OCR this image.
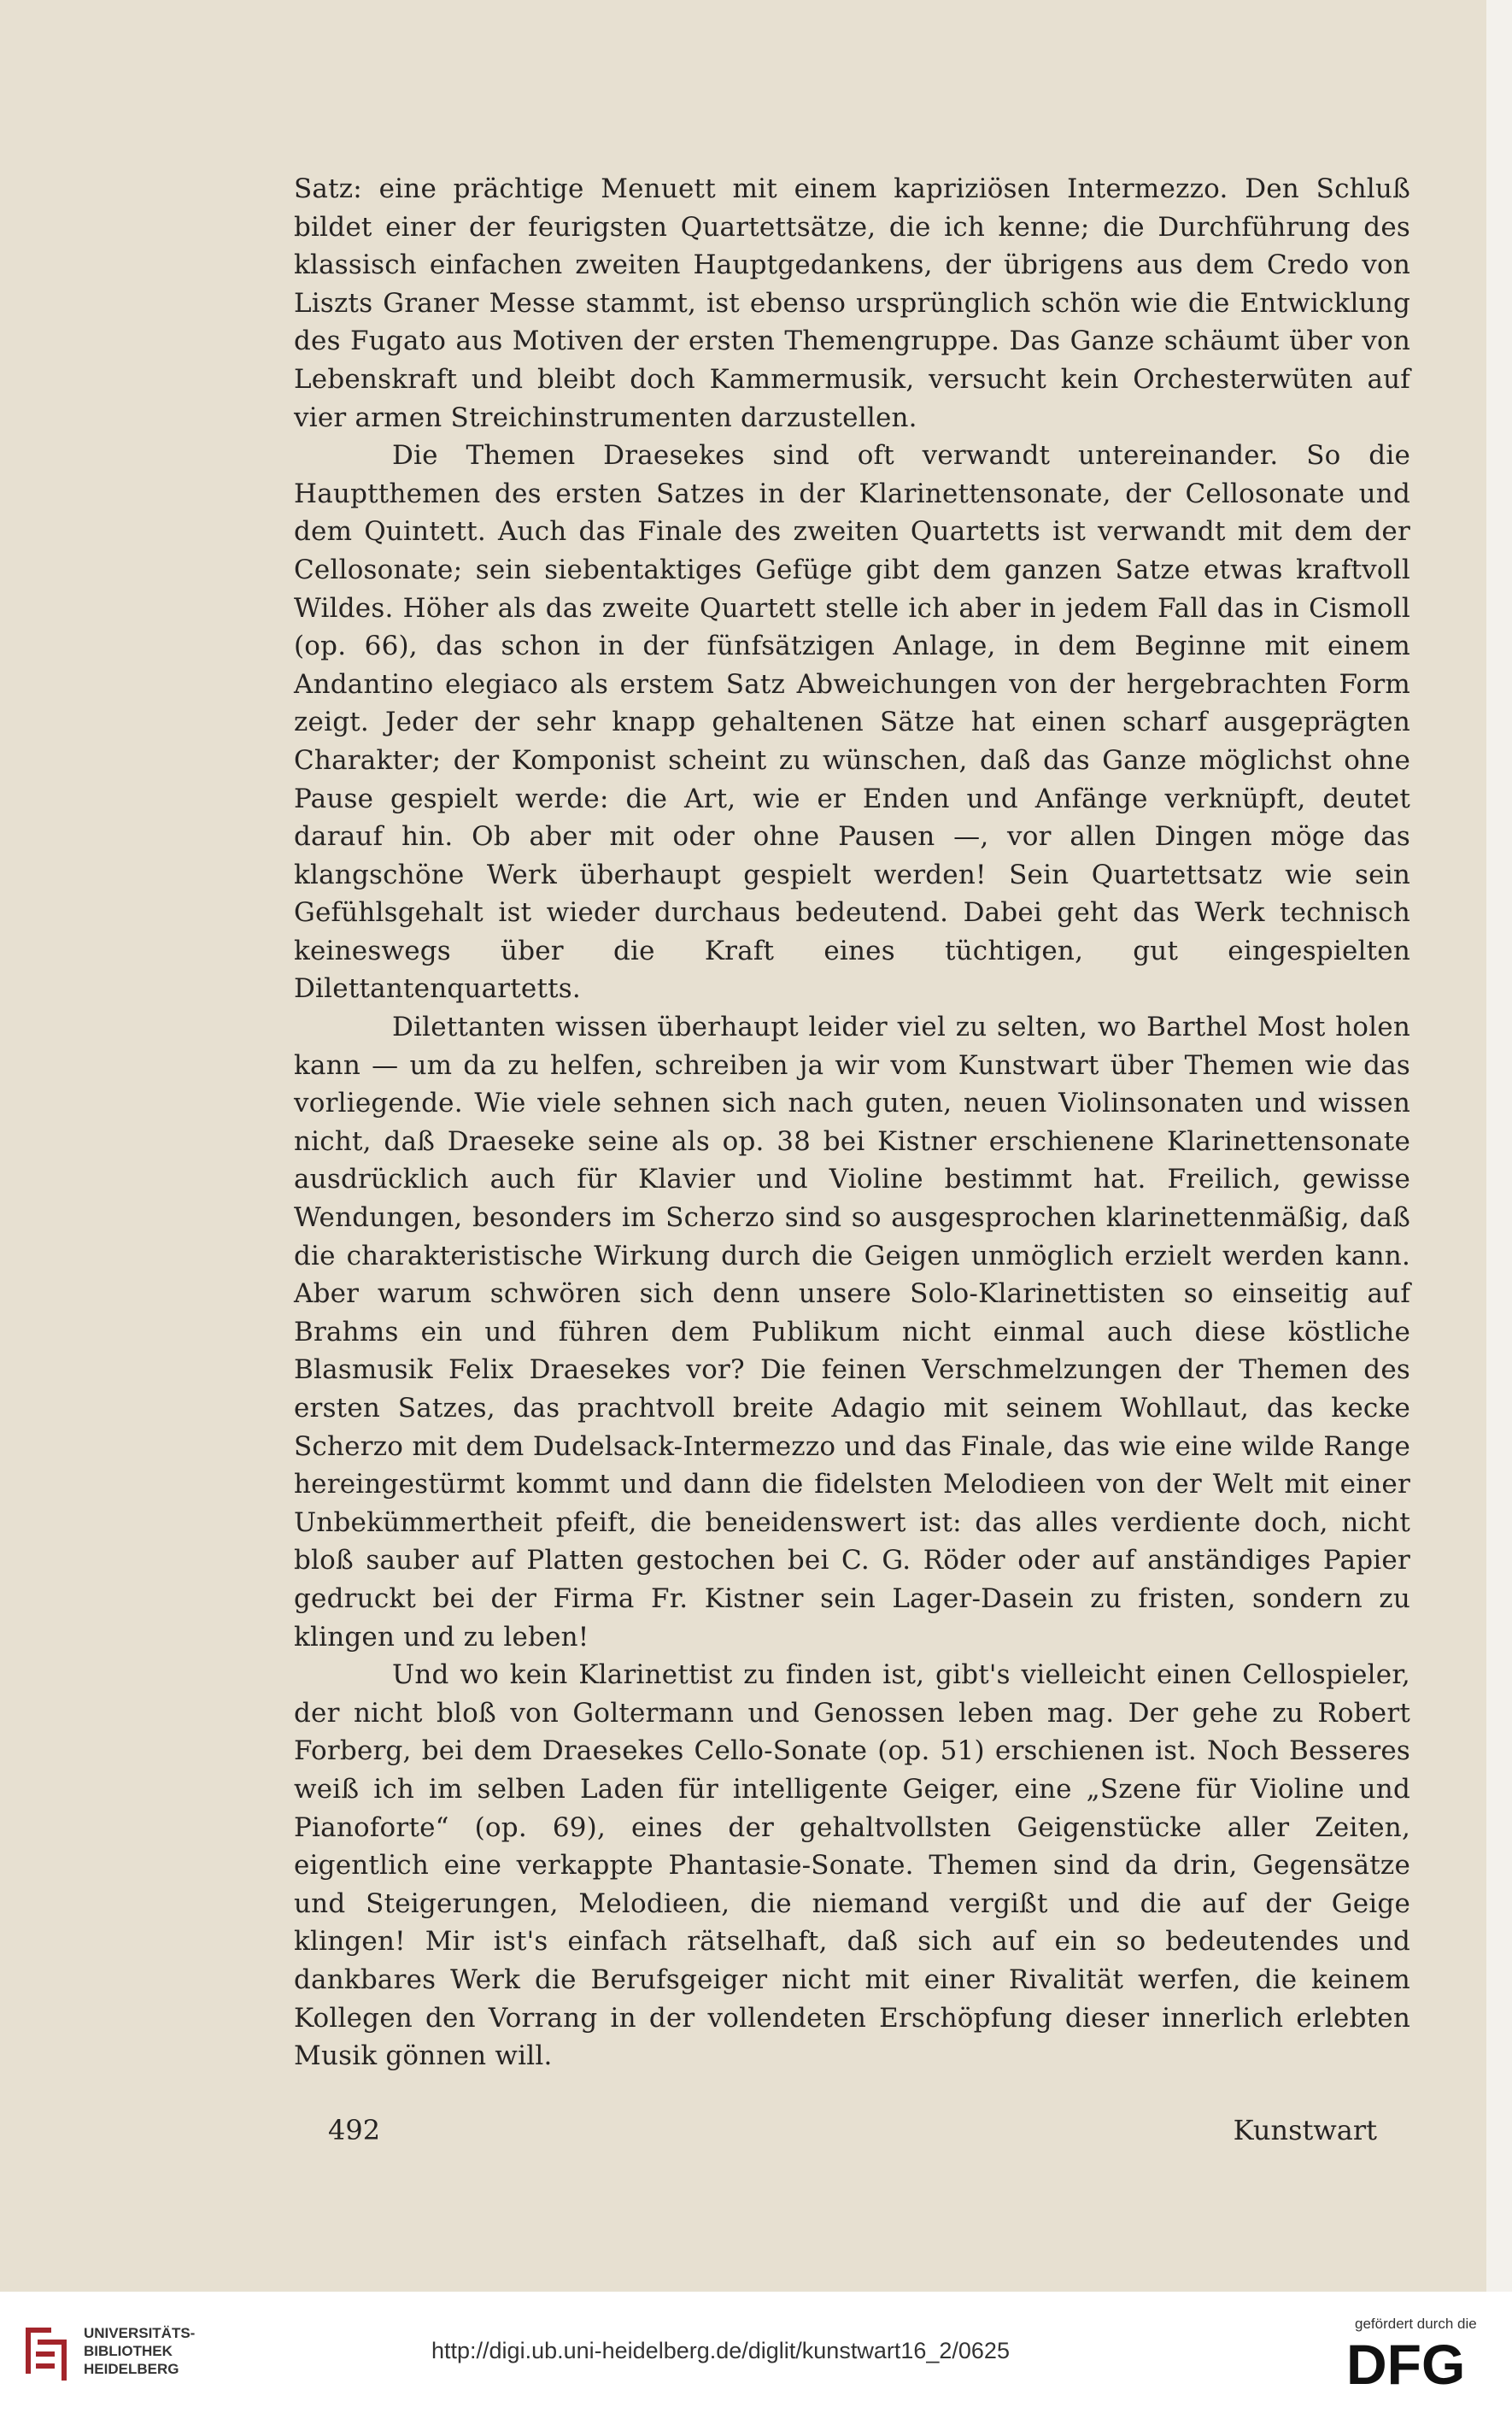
Satz: eine prächtige Menuett mit einem kapriziösen Intermezzo. Den Schluß bildet einer der feurigsten Quartettsätze, die ich kenne; die Durchführung des klassisch einfachen zweiten Hauptgedankens, der übrigens aus dem Credo von Liszts Graner Messe stammt, ist ebenso ursprünglich schön wie die Entwicklung des Fugato aus Motiven der ersten Themengruppe. Das Ganze schäumt über von Lebenskraft und bleibt doch Kammermusik, versucht kein Orchesterwüten auf vier armen Streichinstrumenten darzustellen.

Die Themen Draesekes sind oft verwandt untereinander. So die Hauptthemen des ersten Satzes in der Klarinettensonate, der Cellosonate und dem Quintett. Auch das Finale des zweiten Quartetts ist verwandt mit dem der Cellosonate; sein siebentaktiges Gefüge gibt dem ganzen Satze etwas kraftvoll Wildes. Höher als das zweite Quartett stelle ich aber in jedem Fall das in Cismoll (op. 66), das schon in der fünfsätzigen Anlage, in dem Beginne mit einem Andantino elegiaco als erstem Satz Abweichungen von der hergebrachten Form zeigt. Jeder der sehr knapp gehaltenen Sätze hat einen scharf ausgeprägten Charakter; der Komponist scheint zu wünschen, daß das Ganze möglichst ohne Pause gespielt werde: die Art, wie er Enden und Anfänge verknüpft, deutet darauf hin. Ob aber mit oder ohne Pausen —, vor allen Dingen möge das klangschöne Werk überhaupt gespielt werden! Sein Quartettsatz wie sein Gefühlsgehalt ist wieder durchaus bedeutend. Dabei geht das Werk technisch keineswegs über die Kraft eines tüchtigen, gut eingespielten Dilettantenquartetts.

Dilettanten wissen überhaupt leider viel zu selten, wo Barthel Most holen kann — um da zu helfen, schreiben ja wir vom Kunstwart über Themen wie das vorliegende. Wie viele sehnen sich nach guten, neuen Violinsonaten und wissen nicht, daß Draeseke seine als op. 38 bei Kistner erschienene Klarinettensonate ausdrücklich auch für Klavier und Violine bestimmt hat. Freilich, gewisse Wendungen, besonders im Scherzo sind so ausgesprochen klarinettenmäßig, daß die charakteristische Wirkung durch die Geigen unmöglich erzielt werden kann. Aber warum schwören sich denn unsere Solo-Klarinettisten so einseitig auf Brahms ein und führen dem Publikum nicht einmal auch diese köstliche Blasmusik Felix Draesekes vor? Die feinen Verschmelzungen der Themen des ersten Satzes, das prachtvoll breite Adagio mit seinem Wohllaut, das kecke Scherzo mit dem Dudelsack-Intermezzo und das Finale, das wie eine wilde Range hereingestürmt kommt und dann die fidelsten Melodieen von der Welt mit einer Unbekümmertheit pfeift, die beneidenswert ist: das alles verdiente doch, nicht bloß sauber auf Platten gestochen bei C. G. Röder oder auf anständiges Papier gedruckt bei der Firma Fr. Kistner sein Lager-Dasein zu fristen, sondern zu klingen und zu leben!

Und wo kein Klarinettist zu finden ist, gibt's vielleicht einen Cellospieler, der nicht bloß von Goltermann und Genossen leben mag. Der gehe zu Robert Forberg, bei dem Draesekes Cello-Sonate (op. 51) erschienen ist. Noch Besseres weiß ich im selben Laden für intelligente Geiger, eine „Szene für Violine und Pianoforte“ (op. 69), eines der gehaltvollsten Geigenstücke aller Zeiten, eigentlich eine verkappte Phantasie-Sonate. Themen sind da drin, Gegensätze und Steigerungen, Melodieen, die niemand vergißt und die auf der Geige klingen! Mir ist's einfach rätselhaft, daß sich auf ein so bedeutendes und dankbares Werk die Berufsgeiger nicht mit einer Rivalität werfen, die keinem Kollegen den Vorrang in der vollendeten Erschöpfung dieser innerlich erlebten Musik gönnen will.

492	Kunstwart
UNIVERSITÄTS-
BIBLIOTHEK
HEIDELBERG
http://digi.ub.uni-heidelberg.de/diglit/kunstwart16_2/0625
gefördert durch die
DFG
